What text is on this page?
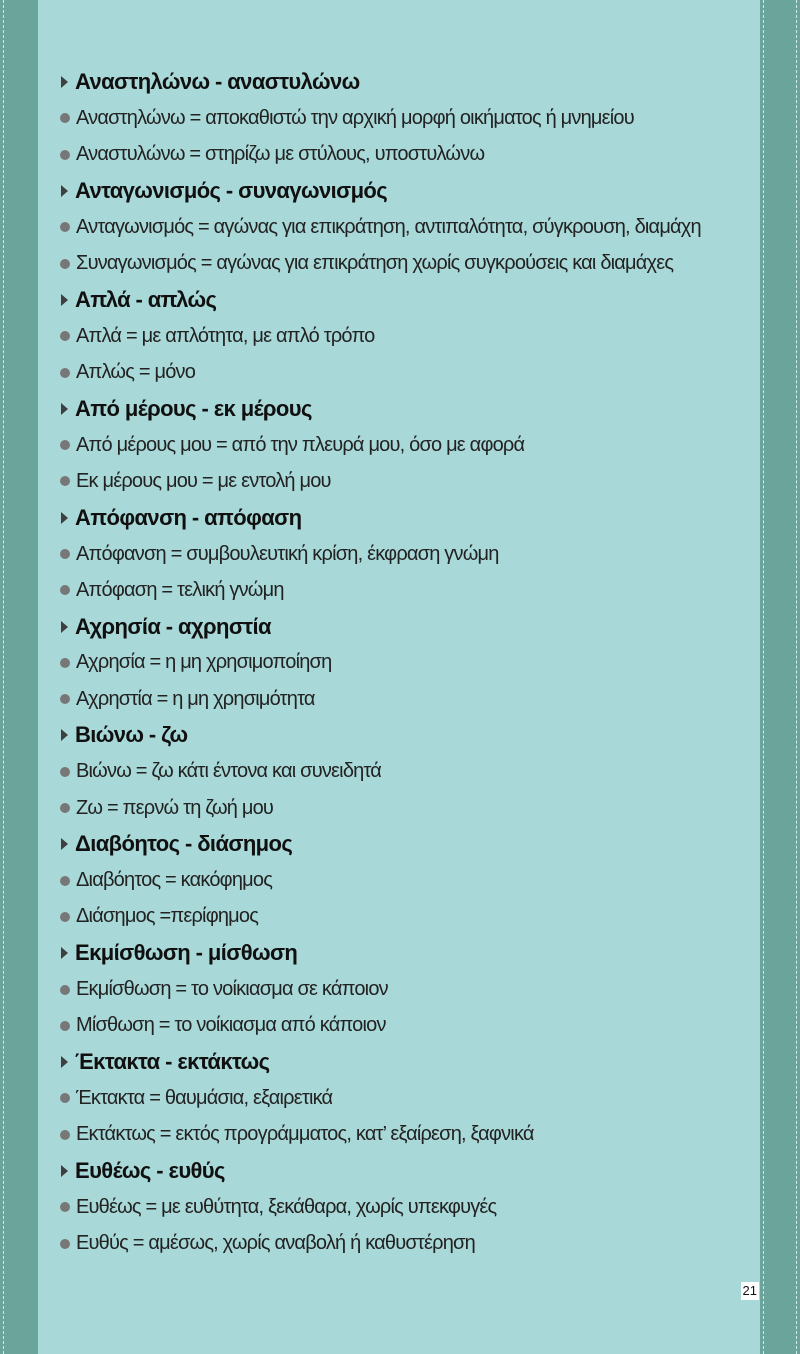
Αναστηλώνω - αναστυλώνω
Αναστηλώνω = αποκαθιστώ την αρχική μορφή οικήματος ή μνημείου
Αναστυλώνω = στηρίζω με στύλους, υποστυλώνω
Ανταγωνισμός - συναγωνισμός
Ανταγωνισμός = αγώνας για επικράτηση, αντιπαλότητα, σύγκρουση, διαμάχη
Συναγωνισμός = αγώνας για επικράτηση χωρίς συγκρούσεις και διαμάχες
Απλά - απλώς
Απλά = με απλότητα, με απλό τρόπο
Απλώς = μόνο
Από μέρους - εκ μέρους
Από μέρους μου = από την πλευρά μου, όσο με αφορά
Εκ μέρους μου = με εντολή μου
Απόφανση - απόφαση
Απόφανση = συμβουλευτική κρίση, έκφραση γνώμη
Απόφαση = τελική γνώμη
Αχρησία - αχρηστία
Αχρησία = η μη χρησιμοποίηση
Αχρηστία = η μη χρησιμότητα
Βιώνω - ζω
Βιώνω = ζω κάτι έντονα και συνειδητά
Ζω = περνώ τη ζωή μου
Διαβόητος - διάσημος
Διαβόητος = κακόφημος
Διάσημος =περίφημος
Εκμίσθωση - μίσθωση
Εκμίσθωση = το νοίκιασμα σε κάποιον
Μίσθωση = το νοίκιασμα από κάποιον
Έκτακτα - εκτάκτως
Έκτακτα = θαυμάσια, εξαιρετικά
Εκτάκτως = εκτός προγράμματος, κατ’ εξαίρεση, ξαφνικά
Ευθέως - ευθύς
Ευθέως = με ευθύτητα, ξεκάθαρα, χωρίς υπεκφυγές
Ευθύς = αμέσως, χωρίς αναβολή ή καθυστέρηση
21
